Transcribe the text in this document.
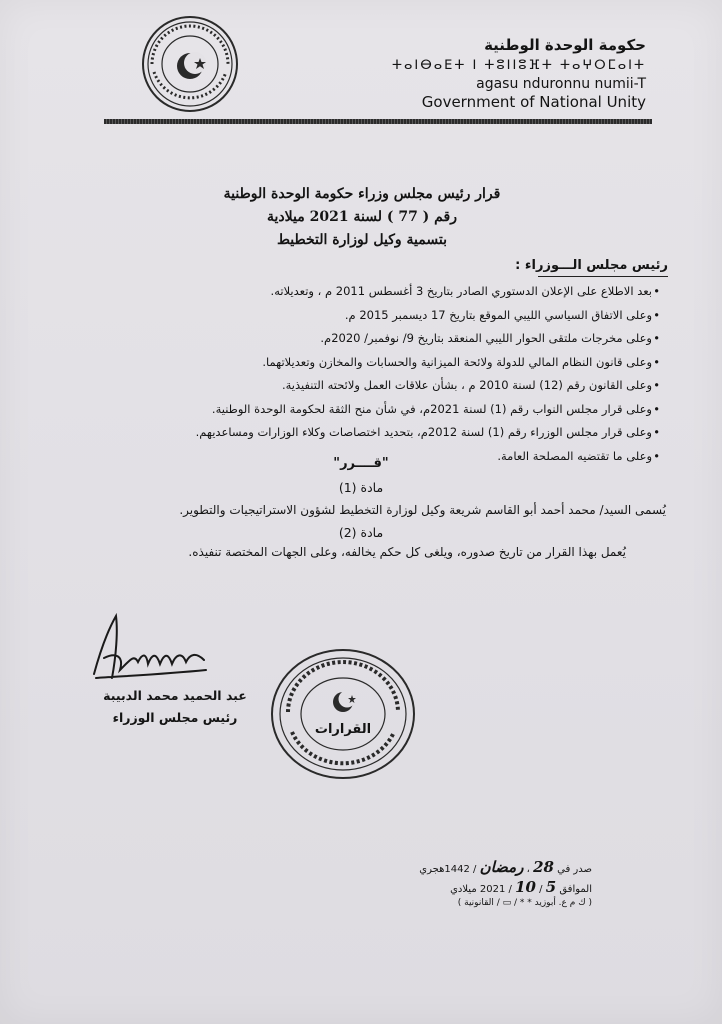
حكومة الوحدة الوطنية
ⵜⴰⵏⴱⴰⴹⵜ ⵏ ⵜⵓⵏⵏⵓⴼⵜ ⵜⴰⵖⵔⵎⴰⵏⵜ
agasu nduronnu numii-T
Government of National Unity
قرار رئيس مجلس وزراء حكومة الوحدة الوطنية
رقم ( 77 ) لسنة 2021 ميلادية
بتسمية وكيل لوزارة التخطيط
رئيس مجلس الـــوزراء :
•بعد الاطلاع على الإعلان الدستوري الصادر بتاريخ 3 أغسطس 2011 م ، وتعديلاته.
•وعلى الاتفاق السياسي الليبي الموقع بتاريخ 17 ديسمبر 2015 م.
•وعلى مخرجات ملتقى الحوار الليبي المنعقد بتاريخ 9/ نوفمبر/ 2020م.
•وعلى قانون النظام المالي للدولة ولائحة الميزانية والحسابات والمخازن وتعديلاتهما.
•وعلى القانون رقم (12) لسنة 2010 م ، بشأن علاقات العمل ولائحته التنفيذية.
•وعلى قرار مجلس النواب رقم (1) لسنة 2021م، في شأن منح الثقة لحكومة الوحدة الوطنية.
•وعلى قرار مجلس الوزراء رقم (1) لسنة 2012م، بتحديد اختصاصات وكلاء الوزارات ومساعديهم.
•وعلى ما تقتضيه المصلحة العامة.
"قــــرر"
مادة (1)
يُسمى السيد/ محمد أحمد أبو القاسم شريعة وكيل لوزارة التخطيط لشؤون الاستراتيجيات والتطوير.
مادة (2)
يُعمل بهذا القرار من تاريخ صدوره، ويلغى كل حكم يخالفه، وعلى الجهات المختصة تنفيذه.
عبد الحميد محمد الدبيبة
رئيس مجلس الوزراء
القرارات
صدر في 28 ، رمضان / 1442هجري
الموافق 5 / 10 / 2021 ميلادي
( ك م ع. أبوزيد * * / ▭ / القانونية )
